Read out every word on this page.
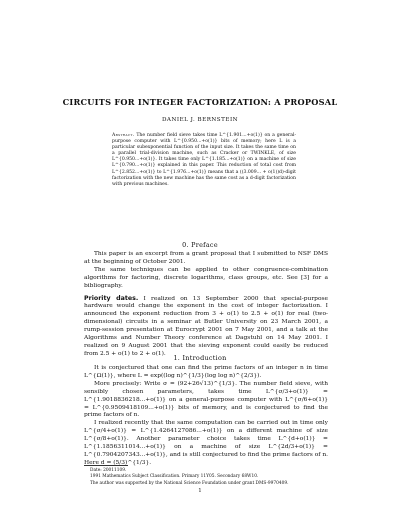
CIRCUITS FOR INTEGER FACTORIZATION: A PROPOSAL
DANIEL J. BERNSTEIN
Abstract. The number field sieve takes time L^{1.901...+o(1)} on a general-purpose computer with L^{0.950...+o(1)} bits of memory; here L is a particular subexponential function of the input size. It takes the same time on a parallel trial-division machine, such as Cracker or TWINKLE, of size L^{0.950...+o(1)}. It takes time only L^{1.185...+o(1)} on a machine of size L^{0.790...+o(1)} explained in this paper. This reduction of total cost from L^{2.852...+o(1)} to L^{1.976...+o(1)} means that a ((3.009... + o(1))d)-digit factorization with the new machine has the same cost as a d-digit factorization with previous machines.
0. Preface

This paper is an excerpt from a grant proposal that I submitted to NSF DMS at the beginning of October 2001.

The same techniques can be applied to other congruence-combination algorithms for factoring, discrete logarithms, class groups, etc. See [3] for a bibliography.

Priority dates. I realized on 13 September 2000 that special-purpose hardware would change the exponent in the cost of integer factorization. I announced the exponent reduction from 3 + o(1) to 2.5 + o(1) for real (two-dimensional) circuits in a seminar at Butler University on 23 March 2001, a rump-session presentation at Eurocrypt 2001 on 7 May 2001, and a talk at the Algorithms and Number Theory conference at Dagstuhl on 14 May 2001. I realized on 9 August 2001 that the sieving exponent could easily be reduced from 2.5 + o(1) to 2 + o(1).

1. Introduction

It is conjectured that one can find the prime factors of an integer n in time L^{Ω(1)}, where L = exp((log n)^{1/3}(log log n)^{2/3}).

More precisely: Write σ = (92+26√13)^{1/3}. The number field sieve, with sensibly chosen parameters, takes time L^{σ/3+o(1)} = L^{1.9018836218...+o(1)} on a general-purpose computer with L^{σ/6+o(1)} = L^{0.9509418109...+o(1)} bits of memory, and is conjectured to find the prime factors of n.

I realized recently that the same computation can be carried out in time only L^{σ/4+o(1)} = L^{1.4264127086...+o(1)} on a different machine of size L^{σ/8+o(1)}. Another parameter choice takes time L^{d+o(1)} = L^{1.1856311014...+o(1)} on a machine of size L^{2d/3+o(1)} = L^{0.7904207343...+o(1)}, and is still conjectured to find the prime factors of n. Here d = (5/3)^{1/3}.

Date: 20011109.
1991 Mathematics Subject Classification. Primary 11Y05. Secondary 68W10.
The author was supported by the National Science Foundation under grant DMS-9970409.
1
